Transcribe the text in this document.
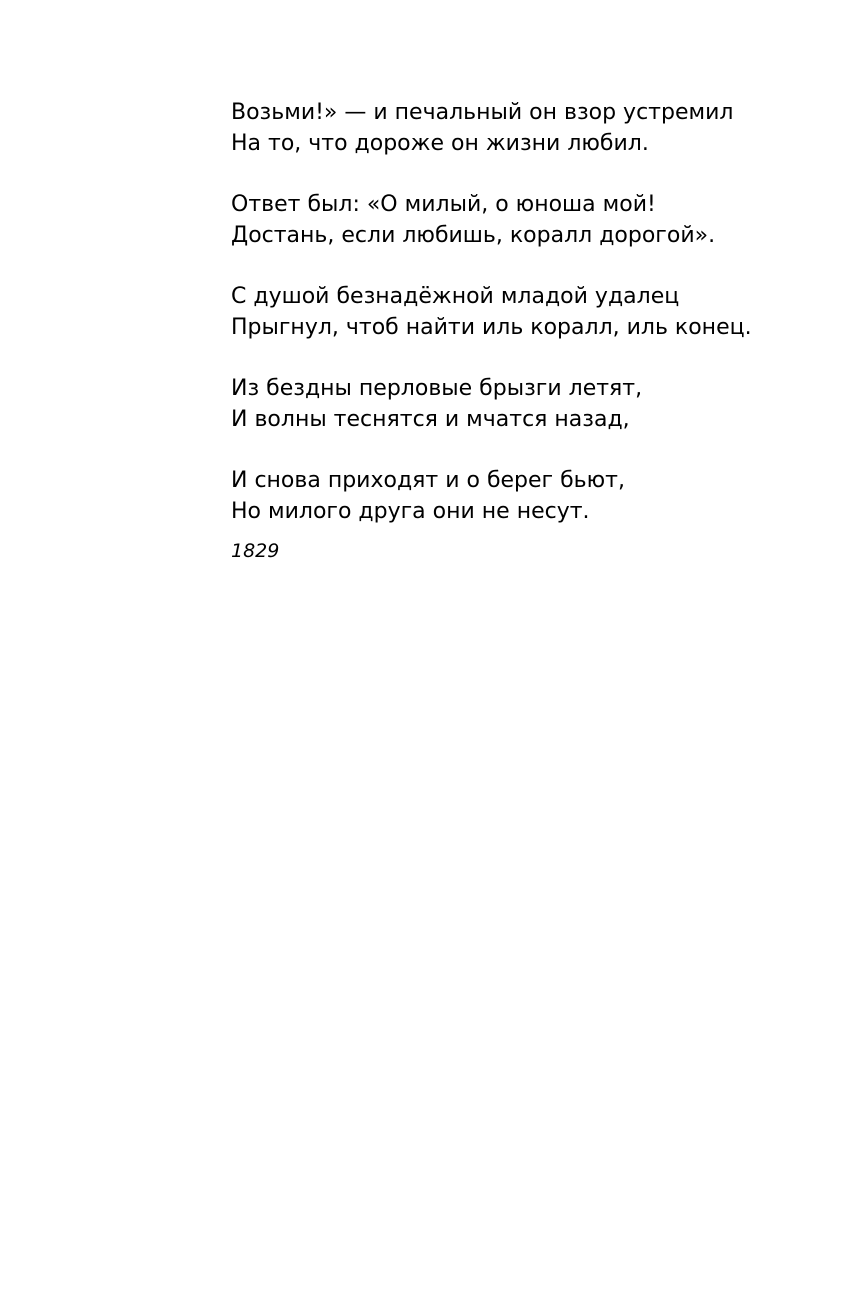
Возьми!» — и печальный он взор устремил
На то, что дороже он жизни любил.
Ответ был: «О милый, о юноша мой!
Достань, если любишь, коралл дорогой».
С душой безнадёжной младой удалец
Прыгнул, чтоб найти иль коралл, иль конец.
Из бездны перловые брызги летят,
И волны теснятся и мчатся назад,
И снова приходят и о берег бьют,
Но милого друга они не несут.
1829
